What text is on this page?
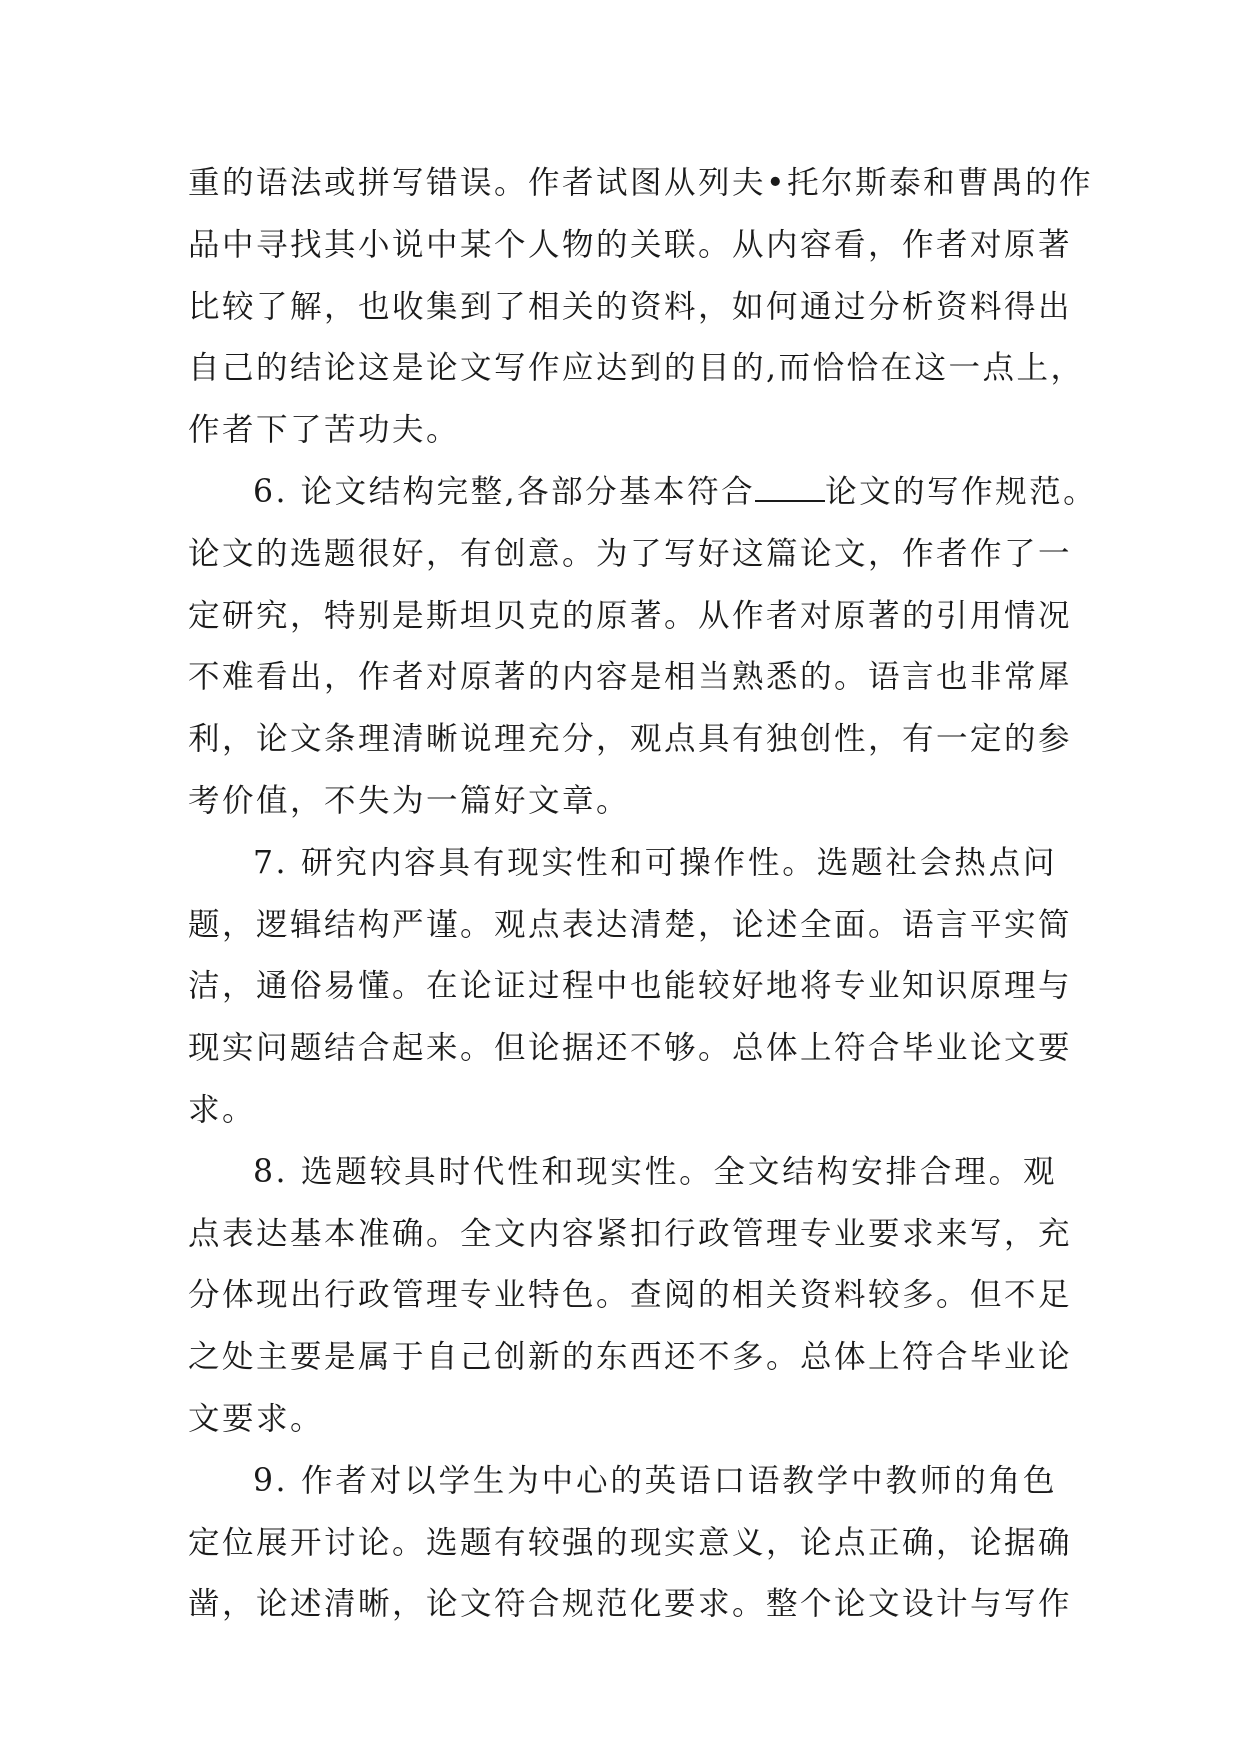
重的语法或拼写错误。作者试图从列夫•托尔斯泰和曹禺的作
品中寻找其小说中某个人物的关联。从内容看，作者对原著
比较了解，也收集到了相关的资料，如何通过分析资料得出
自己的结论这是论文写作应达到的目的,而恰恰在这一点上，
作者下了苦功夫。
6. 论文结构完整,各部分基本符合 论文的写作规范。
论文的选题很好，有创意。为了写好这篇论文，作者作了一
定研究，特别是斯坦贝克的原著。从作者对原著的引用情况
不难看出，作者对原著的内容是相当熟悉的。语言也非常犀
利，论文条理清晰说理充分，观点具有独创性，有一定的参
考价值，不失为一篇好文章。
7. 研究内容具有现实性和可操作性。选题社会热点问
题，逻辑结构严谨。观点表达清楚，论述全面。语言平实简
洁，通俗易懂。在论证过程中也能较好地将专业知识原理与
现实问题结合起来。但论据还不够。总体上符合毕业论文要
求。
8. 选题较具时代性和现实性。全文结构安排合理。观
点表达基本准确。全文内容紧扣行政管理专业要求来写，充
分体现出行政管理专业特色。查阅的相关资料较多。但不足
之处主要是属于自己创新的东西还不多。总体上符合毕业论
文要求。
9. 作者对以学生为中心的英语口语教学中教师的角色
定位展开讨论。选题有较强的现实意义，论点正确，论据确
凿，论述清晰，论文符合规范化要求。整个论文设计与写作
